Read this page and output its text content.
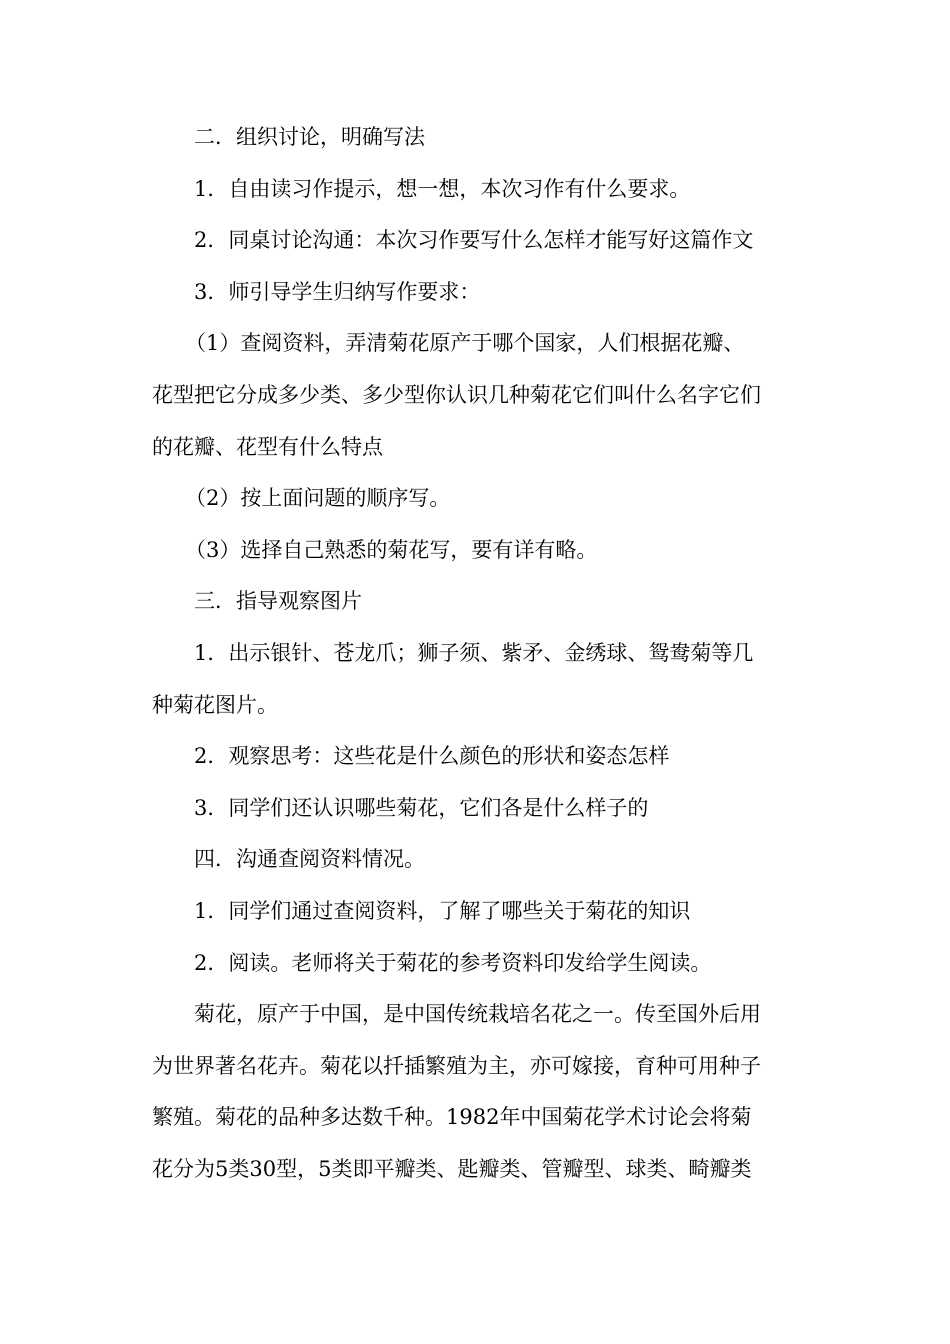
二．组织讨论，明确写法
1．自由读习作提示，想一想，本次习作有什么要求。
2．同桌讨论沟通：本次习作要写什么怎样才能写好这篇作文
3．师引导学生归纳写作要求：
（1）查阅资料，弄清菊花原产于哪个国家，人们根据花瓣、
花型把它分成多少类、多少型你认识几种菊花它们叫什么名字它们
的花瓣、花型有什么特点
（2）按上面问题的顺序写。
（3）选择自己熟悉的菊花写，要有详有略。
三．指导观察图片
1．出示银针、苍龙爪；狮子须、紫矛、金绣球、鸳鸯菊等几
种菊花图片。
2．观察思考：这些花是什么颜色的形状和姿态怎样
3．同学们还认识哪些菊花，它们各是什么样子的
四．沟通查阅资料情况。
1．同学们通过查阅资料，了解了哪些关于菊花的知识
2．阅读。老师将关于菊花的参考资料印发给学生阅读。
菊花，原产于中国，是中国传统栽培名花之一。传至国外后用
为世界著名花卉。菊花以扦插繁殖为主，亦可嫁接，育种可用种子
繁殖。菊花的品种多达数千种。1982年中国菊花学术讨论会将菊
花分为5类30型，5类即平瓣类、匙瓣类、管瓣型、球类、畸瓣类
